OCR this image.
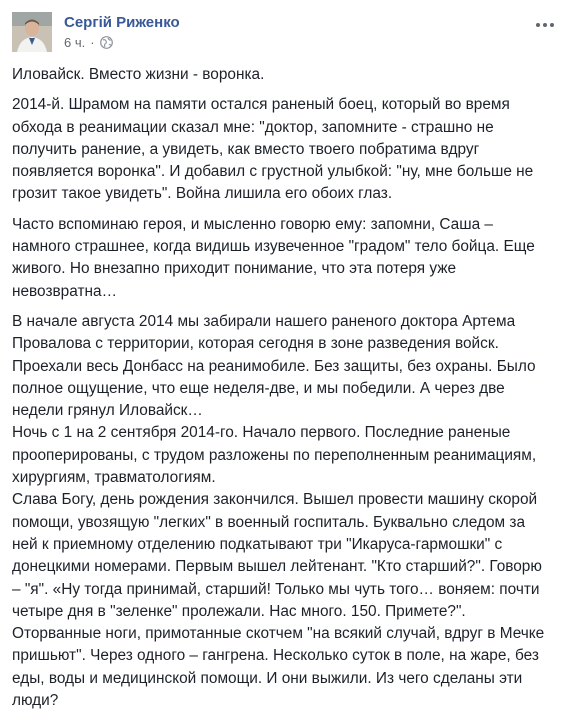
Сергій Риженко
6 ч. ·

Иловайск. Вместо жизни - воронка.

2014-й. Шрамом на памяти остался раненый боец, который во время
обхода в реанимации сказал мне: "доктор, запомните - страшно не
получить ранение, а увидеть, как вместо твоего побратима вдруг
появляется воронка". И добавил с грустной улыбкой: "ну, мне больше не
грозит такое увидеть". Война лишила его обоих глаз.

Часто вспоминаю героя, и мысленно говорю ему: запомни, Саша –
намного страшнее, когда видишь изувеченное "градом" тело бойца. Еще
живого. Но внезапно приходит понимание, что эта потеря уже
невозвратна…

В начале августа 2014 мы забирали нашего раненого доктора Артема
Провалова с территории, которая сегодня в зоне разведения войск.
Проехали весь Донбасс на реанимобиле. Без защиты, без охраны. Было
полное ощущение, что еще неделя-две, и мы победили. А через две
недели грянул Иловайск…
Ночь с 1 на 2 сентября 2014-го. Начало первого. Последние раненые
прооперированы, с трудом разложены по переполненным реанимациям,
хирургиям, травматологиям.
Слава Богу, день рождения закончился. Вышел провести машину скорой
помощи, увозящую "легких" в военный госпиталь. Буквально следом за
ней к приемному отделению подкатывают три "Икаруса-гармошки" с
донецкими номерами. Первым вышел лейтенант. "Кто старший?". Говорю
– "я". «Ну тогда принимай, старший! Только мы чуть того… воняем: почти
четыре дня в "зеленке" пролежали. Нас много. 150. Примете?".
Оторванные ноги, примотанные скотчем "на всякий случай, вдруг в Мечке
пришьют". Через одного – гангрена. Несколько суток в поле, на жаре, без
еды, воды и медицинской помощи. И они выжили. Из чего сделаны эти
люди?
